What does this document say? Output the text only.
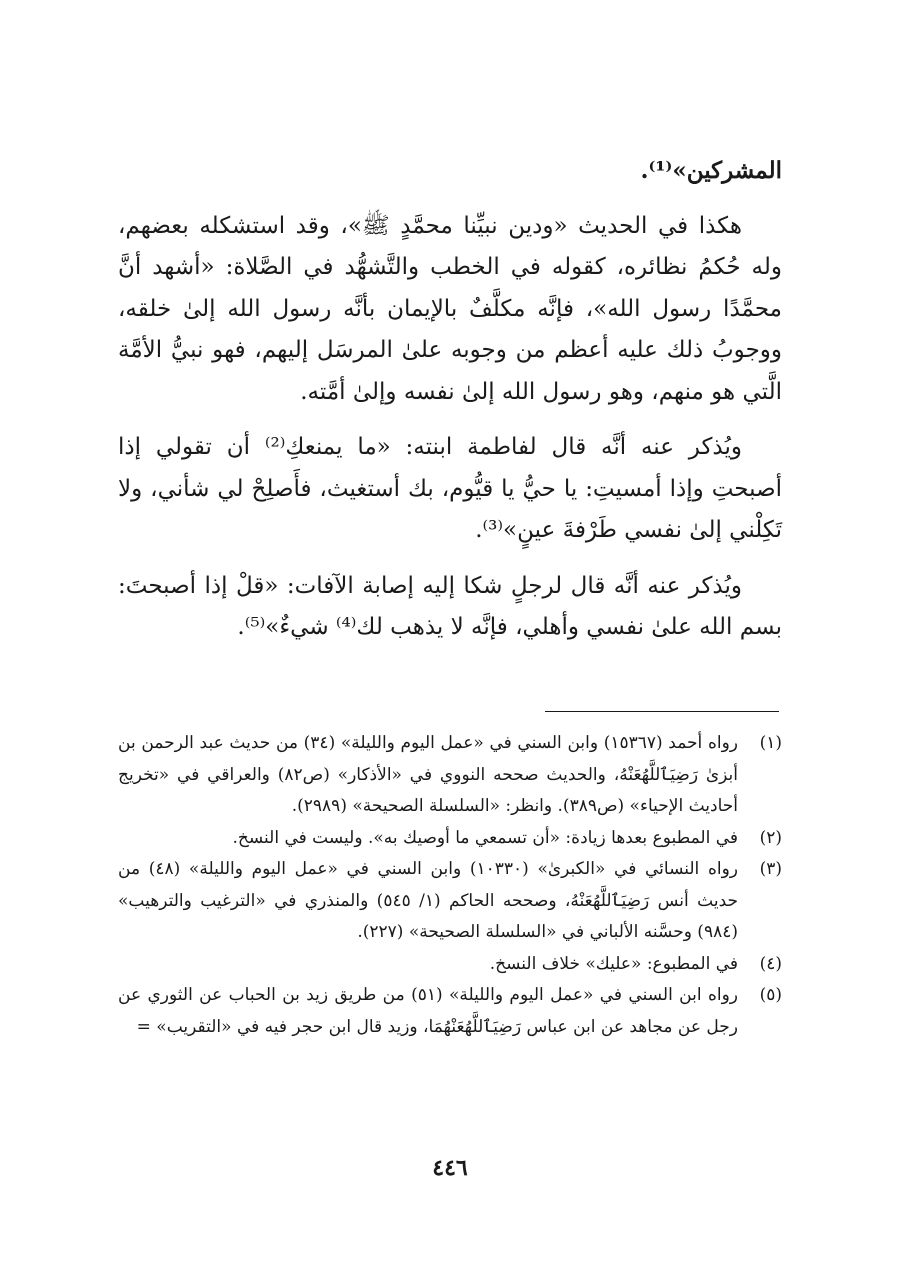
المشركين»⁽¹⁾.

هكذا في الحديث «ودين نبيِّنا محمَّدٍ ﷺ»، وقد استشكله بعضهم، وله حُكمُ نظائره، كقوله في الخطب والتَّشهُّد في الصَّلاة: «أشهد أنَّ محمَّدًا رسول الله»، فإنَّه مكلَّفٌ بالإيمان بأنَّه رسول الله إلىٰ خلقه، ووجوبُ ذلك عليه أعظم من وجوبه علىٰ المرسَل إليهم، فهو نبيُّ الأمَّة الَّتي هو منهم، وهو رسول الله إلىٰ نفسه وإلىٰ أمَّته.

ويُذكر عنه أنَّه قال لفاطمة ابنته: «ما يمنعكِ⁽²⁾ أن تقولي إذا أصبحتِ وإذا أمسيتِ: يا حيُّ يا قيُّوم، بك أستغيث، فأَصلِحْ لي شأني، ولا تَكِلْني إلىٰ نفسي طَرْفةَ عينٍ»⁽³⁾.

ويُذكر عنه أنَّه قال لرجلٍ شكا إليه إصابة الآفات: «قلْ إذا أصبحتَ: بسم الله علىٰ نفسي وأهلي، فإنَّه لا يذهب لك⁽⁴⁾ شيءٌ»⁽⁵⁾.

(١)
رواه أحمد (١٥٣٦٧) وابن السني في «عمل اليوم والليلة» (٣٤) من حديث عبد الرحمن بن أبزىٰ رَضِيَٱللَّهُعَنْهُ، والحديث صححه النووي في «الأذكار» (ص٨٢) والعراقي في «تخريج أحاديث الإحياء» (ص٣٨٩). وانظر: «السلسلة الصحيحة» (٢٩٨٩).
(٢)
في المطبوع بعدها زيادة: «أن تسمعي ما أوصيك به». وليست في النسخ.
(٣)
رواه النسائي في «الكبرىٰ» (١٠٣٣٠) وابن السني في «عمل اليوم والليلة» (٤٨) من حديث أنس رَضِيَٱللَّهُعَنْهُ، وصححه الحاكم (١/ ٥٤٥) والمنذري في «الترغيب والترهيب» (٩٨٤) وحسَّنه الألباني في «السلسلة الصحيحة» (٢٢٧).
(٤)
في المطبوع: «عليك» خلاف النسخ.
(٥)
رواه ابن السني في «عمل اليوم والليلة» (٥١) من طريق زيد بن الحباب عن الثوري عن رجل عن مجاهد عن ابن عباس رَضِيَٱللَّهُعَنْهُمَا، وزيد قال ابن حجر فيه في «التقريب» =
٤٤٦
